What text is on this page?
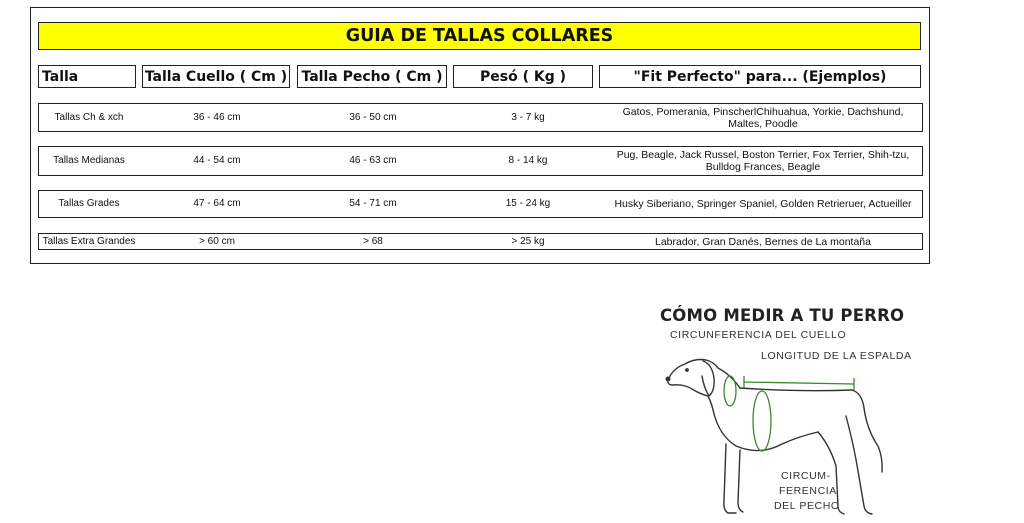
GUIA DE TALLAS COLLARES
Talla	Talla Cuello ( Cm )	Talla Pecho ( Cm )	Pesó ( Kg )	"Fit Perfecto" para... (Ejemplos)
Tallas Ch & xch	36 - 46 cm	36 - 50 cm	3 - 7 kg	Gatos, Pomerania, PinscherlChihuahua, Yorkie, Dachshund, Maltes, Poodle
Tallas Medianas	44 - 54 cm	46 - 63 cm	8 - 14 kg	Pug, Beagle, Jack Russel, Boston Terrier, Fox Terrier, Shih-tzu, Bulldog Frances, Beagle
Tallas Grades	47 - 64 cm	54 - 71 cm	15 - 24 kg	Husky Siberiano, Springer Spaniel, Golden Retrieruer, Actueiller
Tallas Extra Grandes	> 60 cm	> 68	> 25 kg	Labrador, Gran Danés, Bernes de La montaña
CÓMO MEDIR A TU PERRO
CIRCUNFERENCIA DEL CUELLO
LONGITUD DE LA ESPALDA
CIRCUM-
FERENCIA
DEL PECHO
